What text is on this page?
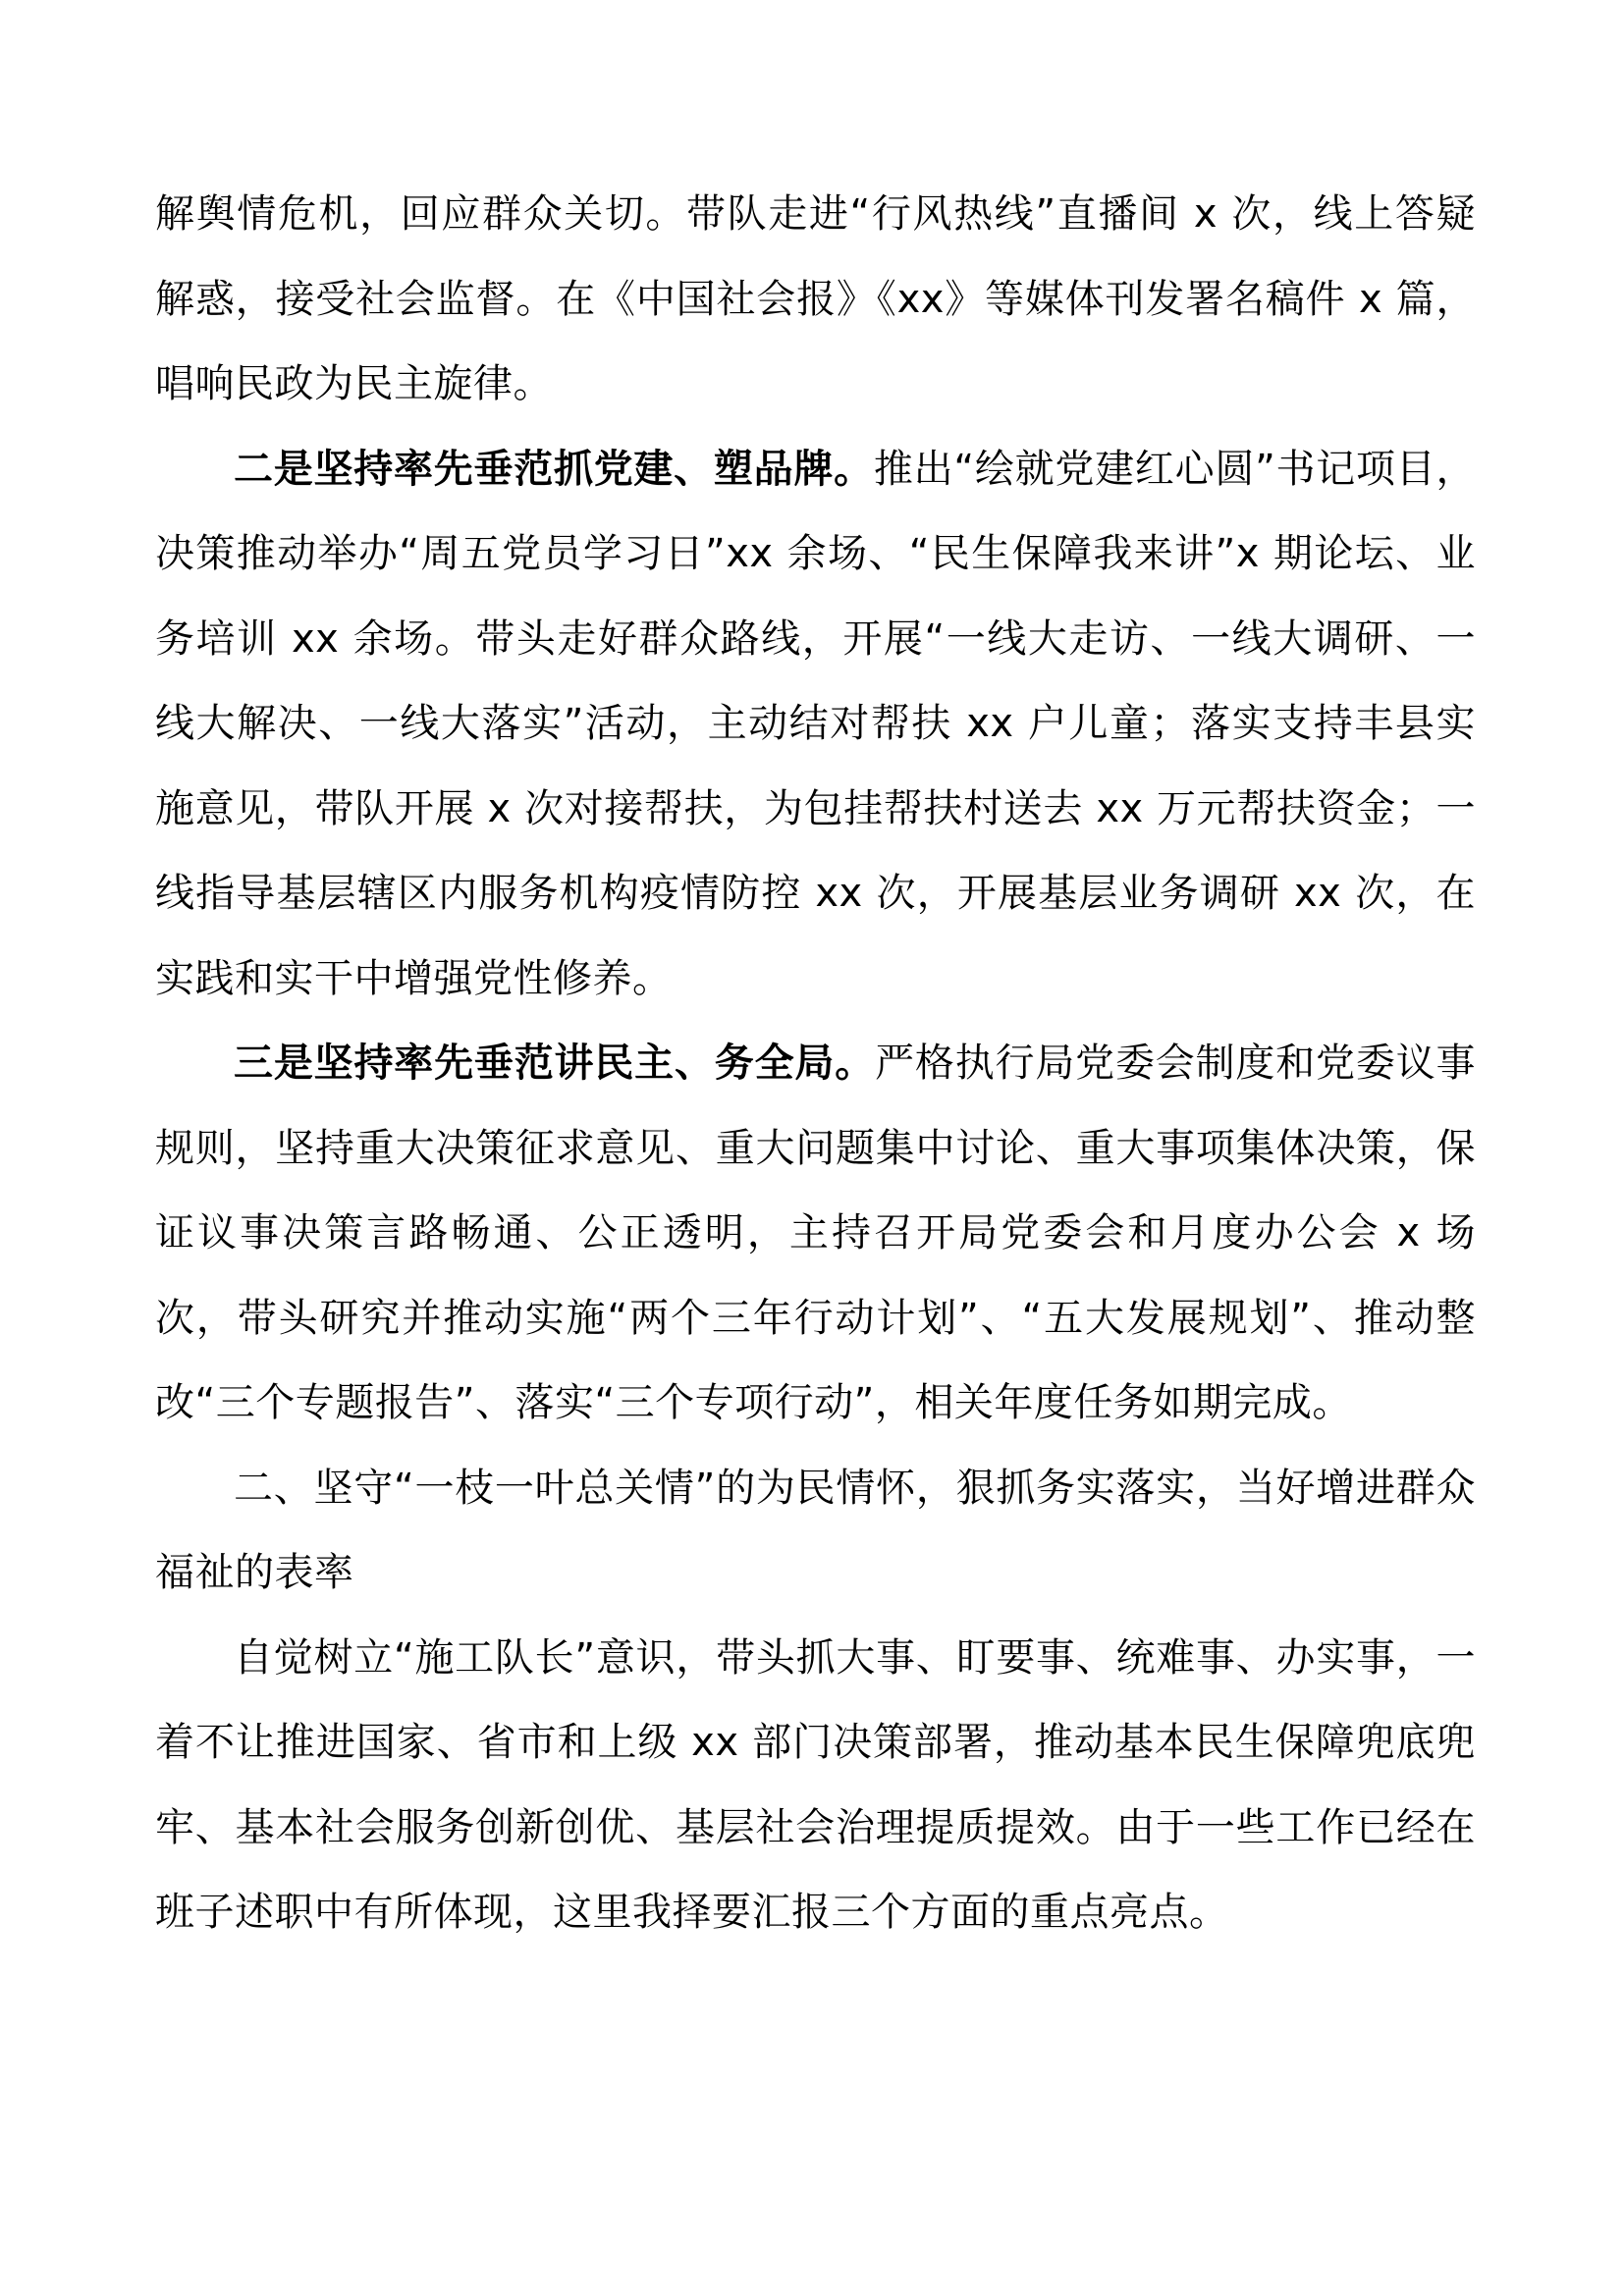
解舆情危机，回应群众关切。带队走进“行风热线”直播间 x 次，线上答疑解惑，接受社会监督。在《中国社会报》《xx》等媒体刊发署名稿件 x 篇，唱响民政为民主旋律。

二是坚持率先垂范抓党建、塑品牌。推出“绘就党建红心圆”书记项目，决策推动举办“周五党员学习日”xx 余场、“民生保障我来讲”x 期论坛、业务培训 xx 余场。带头走好群众路线，开展“一线大走访、一线大调研、一线大解决、一线大落实”活动，主动结对帮扶 xx 户儿童；落实支持丰县实施意见，带队开展 x 次对接帮扶，为包挂帮扶村送去 xx 万元帮扶资金；一线指导基层辖区内服务机构疫情防控 xx 次，开展基层业务调研 xx 次，在实践和实干中增强党性修养。

三是坚持率先垂范讲民主、务全局。严格执行局党委会制度和党委议事规则，坚持重大决策征求意见、重大问题集中讨论、重大事项集体决策，保证议事决策言路畅通、公正透明，主持召开局党委会和月度办公会 x 场次，带头研究并推动实施“两个三年行动计划”、“五大发展规划”、推动整改“三个专题报告”、落实“三个专项行动”，相关年度任务如期完成。

二、坚守“一枝一叶总关情”的为民情怀，狠抓务实落实，当好增进群众福祉的表率

自觉树立“施工队长”意识，带头抓大事、盯要事、统难事、办实事，一着不让推进国家、省市和上级 xx 部门决策部署，推动基本民生保障兜底兜牢、基本社会服务创新创优、基层社会治理提质提效。由于一些工作已经在班子述职中有所体现，这里我择要汇报三个方面的重点亮点。
